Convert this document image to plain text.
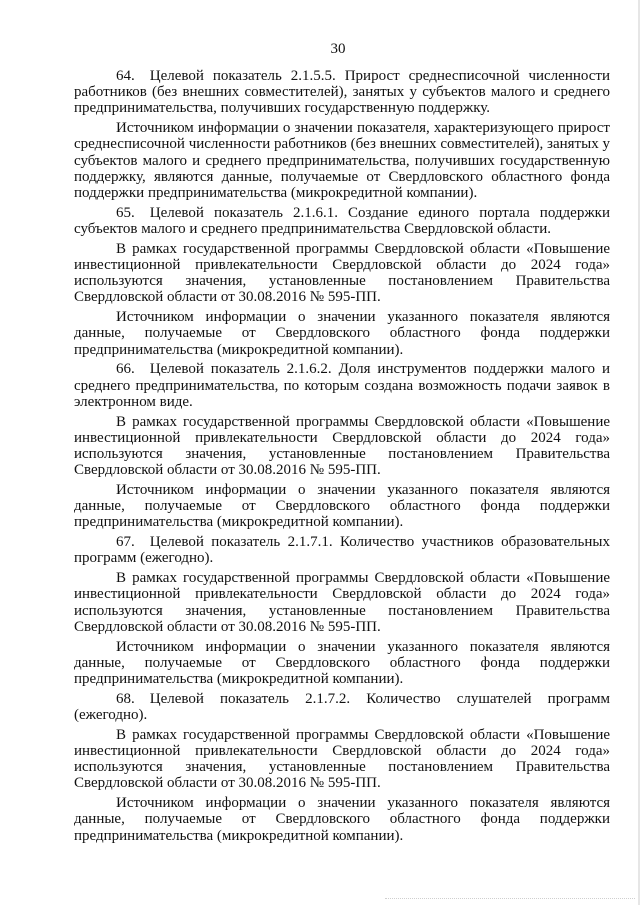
30

64. Целевой показатель 2.1.5.5. Прирост среднесписочной численности работников (без внешних совместителей), занятых у субъектов малого и среднего предпринимательства, получивших государственную поддержку.

Источником информации о значении показателя, характеризующего прирост среднесписочной численности работников (без внешних совместителей), занятых у субъектов малого и среднего предпринимательства, получивших государственную поддержку, являются данные, получаемые от Свердловского областного фонда поддержки предпринимательства (микрокредитной компании).

65. Целевой показатель 2.1.6.1. Создание единого портала поддержки субъектов малого и среднего предпринимательства Свердловской области.

В рамках государственной программы Свердловской области «Повышение инвестиционной привлекательности Свердловской области до 2024 года» используются значения, установленные постановлением Правительства Свердловской области от 30.08.2016 № 595-ПП.

Источником информации о значении указанного показателя являются данные, получаемые от Свердловского областного фонда поддержки предпринимательства (микрокредитной компании).

66. Целевой показатель 2.1.6.2. Доля инструментов поддержки малого и среднего предпринимательства, по которым создана возможность подачи заявок в электронном виде.

В рамках государственной программы Свердловской области «Повышение инвестиционной привлекательности Свердловской области до 2024 года» используются значения, установленные постановлением Правительства Свердловской области от 30.08.2016 № 595-ПП.

Источником информации о значении указанного показателя являются данные, получаемые от Свердловского областного фонда поддержки предпринимательства (микрокредитной компании).

67. Целевой показатель 2.1.7.1. Количество участников образовательных программ (ежегодно).

В рамках государственной программы Свердловской области «Повышение инвестиционной привлекательности Свердловской области до 2024 года» используются значения, установленные постановлением Правительства Свердловской области от 30.08.2016 № 595-ПП.

Источником информации о значении указанного показателя являются данные, получаемые от Свердловского областного фонда поддержки предпринимательства (микрокредитной компании).

68. Целевой показатель 2.1.7.2. Количество слушателей программ (ежегодно).

В рамках государственной программы Свердловской области «Повышение инвестиционной привлекательности Свердловской области до 2024 года» используются значения, установленные постановлением Правительства Свердловской области от 30.08.2016 № 595-ПП.

Источником информации о значении указанного показателя являются данные, получаемые от Свердловского областного фонда поддержки предпринимательства (микрокредитной компании).
